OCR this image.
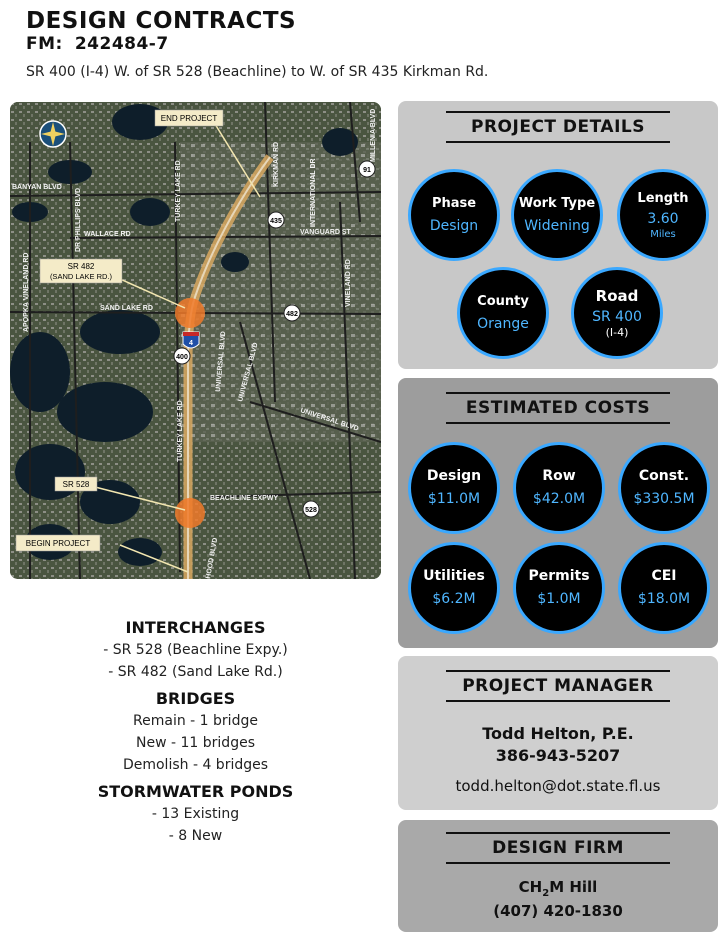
DESIGN CONTRACTS
FM: 242484-7
SR 400 (I-4) W. of SR 528 (Beachline) to W. of SR 435 Kirkman Rd.
END PROJECT
SR 482
(SAND LAKE RD.)
SR 528
BEGIN PROJECT
BANYAN BLVD
WALLACE RD
SAND LAKE RD
VANGUARD ST
BEACHLINE EXPWY
DR PHILLIPS BLVD
APOPKA VINELAND RD
TURKEY LAKE RD
TURKEY LAKE RD
KIRKMAN RD	INTERNATIONAL DR
MILLENIA BLVD
VINELAND RD
HOOD BLVD
UNIVERSAL BLVD
UNIVERSAL BLVD
UNIVERSAL BLVD
91
435
482
400
528
4
INTERCHANGES
- SR 528 (Beachline Expy.)
- SR 482 (Sand Lake Rd.)
BRIDGES
Remain - 1 bridge
New - 11 bridges
Demolish - 4 bridges
STORMWATER PONDS
- 13 Existing
- 8 New
PROJECT DETAILS
Phase
Design
Work Type
Widening
Length
3.60
Miles
County
Orange
Road
SR 400
(I-4)
ESTIMATED COSTS
Design
$11.0M
Row
$42.0M
Const.
$330.5M
Utilities
$6.2M
Permits
$1.0M
CEI
$18.0M
PROJECT MANAGER
Todd Helton, P.E.
386-943-5207
todd.helton@dot.state.fl.us
DESIGN FIRM
$CH_2M$ Hill
(407) 420-1830
